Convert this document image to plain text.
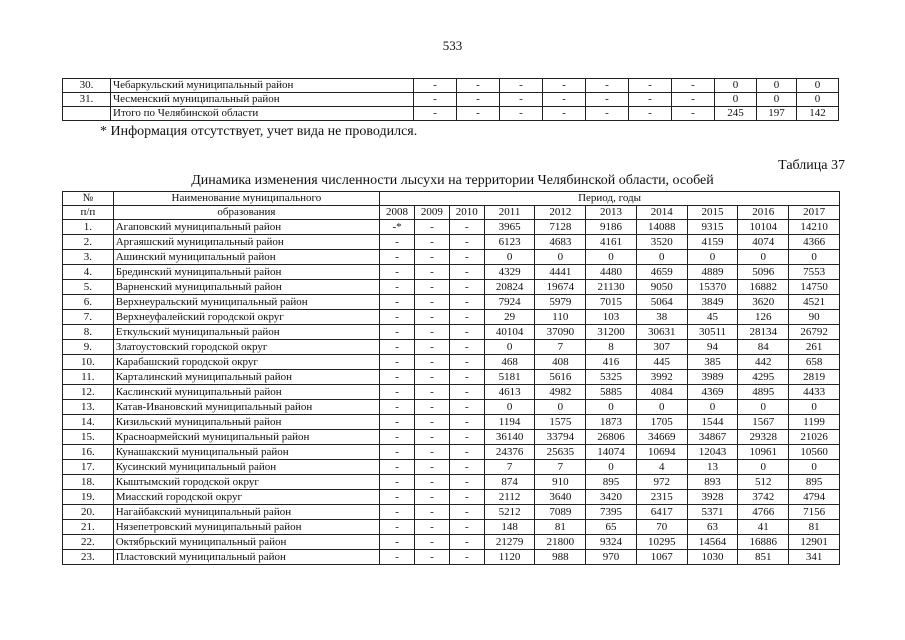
533
30.	Чебаркульский муниципальный район	-	-	-	-	-	-	-	0	0	0
31.	Чесменский муниципальный район	-	-	-	-	-	-	-	0	0	0
	Итого по Челябинской области	-	-	-	-	-	-	-	245	197	142
* Информация отсутствует, учет вида не проводился.
Таблица 37
Динамика изменения численности лысухи на территории Челябинской области, особей
№	Наименование муниципального	Период, годы									
п/п	образования	2008	2009	2010	2011	2012	2013	2014	2015	2016	2017
1.	Агаповский муниципальный район	-*	-	-	3965	7128	9186	14088	9315	10104	14210
2.	Аргаяшский муниципальный район	-	-	-	6123	4683	4161	3520	4159	4074	4366
3.	Ашинский муниципальный район	-	-	-	0	0	0	0	0	0	0
4.	Брединский муниципальный район	-	-	-	4329	4441	4480	4659	4889	5096	7553
5.	Варненский муниципальный район	-	-	-	20824	19674	21130	9050	15370	16882	14750
6.	Верхнеуральский муниципальный район	-	-	-	7924	5979	7015	5064	3849	3620	4521
7.	Верхнеуфалейский городской округ	-	-	-	29	110	103	38	45	126	90
8.	Еткульский муниципальный район	-	-	-	40104	37090	31200	30631	30511	28134	26792
9.	Златоустовский городской округ	-	-	-	0	7	8	307	94	84	261
10.	Карабашский городской округ	-	-	-	468	408	416	445	385	442	658
11.	Карталинский муниципальный район	-	-	-	5181	5616	5325	3992	3989	4295	2819
12.	Каслинский муниципальный район	-	-	-	4613	4982	5885	4084	4369	4895	4433
13.	Катав-Ивановский муниципальный район	-	-	-	0	0	0	0	0	0	0
14.	Кизильский муниципальный район	-	-	-	1194	1575	1873	1705	1544	1567	1199
15.	Красноармейский муниципальный район	-	-	-	36140	33794	26806	34669	34867	29328	21026
16.	Кунашакский муниципальный район	-	-	-	24376	25635	14074	10694	12043	10961	10560
17.	Кусинский муниципальный район	-	-	-	7	7	0	4	13	0	0
18.	Кыштымский городской округ	-	-	-	874	910	895	972	893	512	895
19.	Миасский городской округ	-	-	-	2112	3640	3420	2315	3928	3742	4794
20.	Нагайбакский муниципальный район	-	-	-	5212	7089	7395	6417	5371	4766	7156
21.	Нязепетровский муниципальный район	-	-	-	148	81	65	70	63	41	81
22.	Октябрьский муниципальный район	-	-	-	21279	21800	9324	10295	14564	16886	12901
23.	Пластовский муниципальный район	-	-	-	1120	988	970	1067	1030	851	341
